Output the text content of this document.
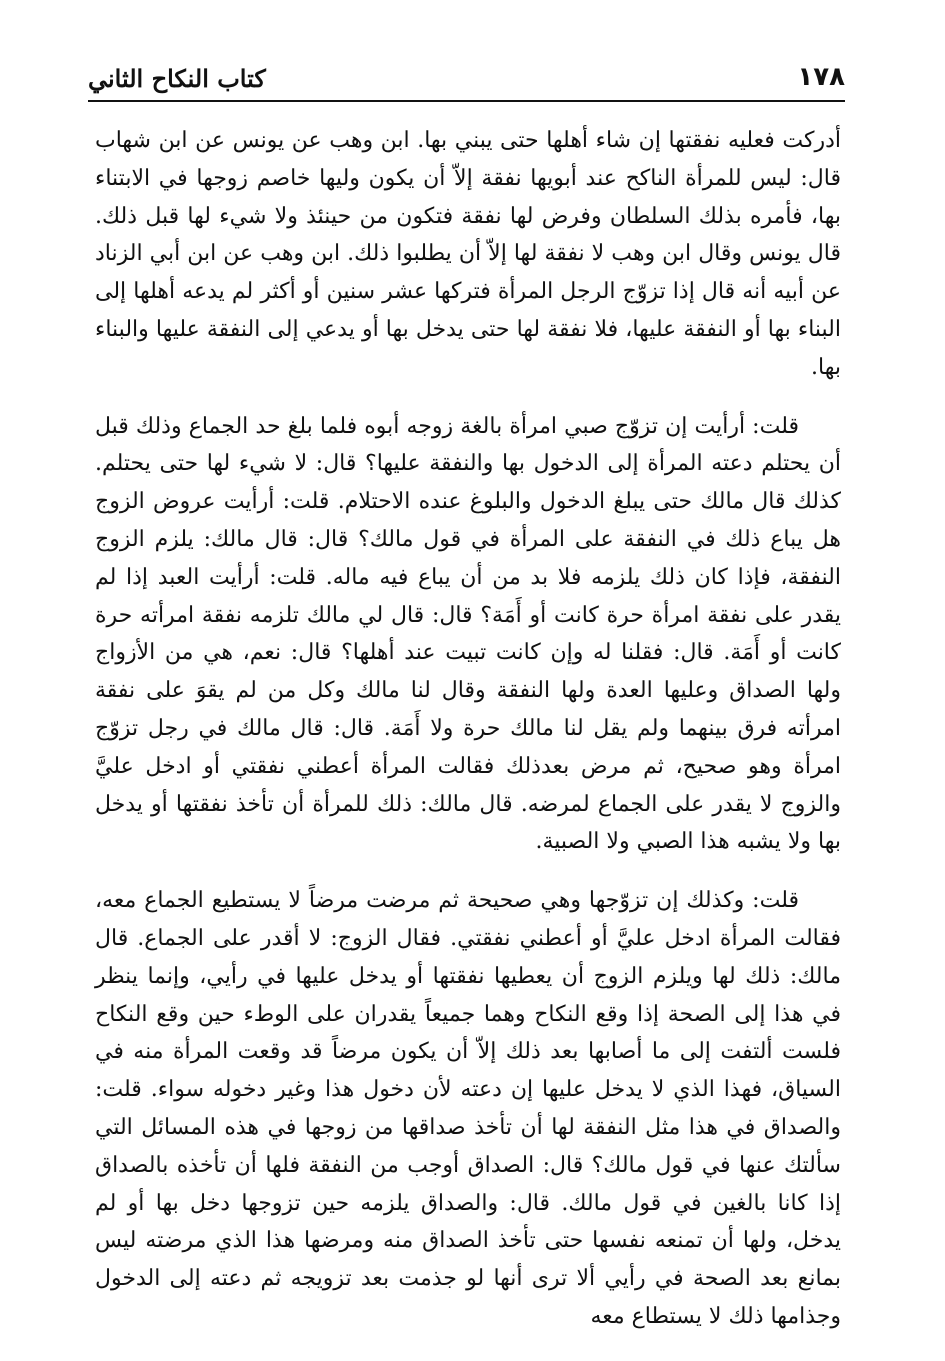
١٧٨
كتاب النكاح الثاني

أدركت فعليه نفقتها إن شاء أهلها حتى يبني بها. ابن وهب عن يونس عن ابن شهاب قال: ليس للمرأة الناكح عند أبويها نفقة إلاّ أن يكون وليها خاصم زوجها في الابتناء بها، فأمره بذلك السلطان وفرض لها نفقة فتكون من حينئذ ولا شيء لها قبل ذلك. قال يونس وقال ابن وهب لا نفقة لها إلاّ أن يطلبوا ذلك. ابن وهب عن ابن أبي الزناد عن أبيه أنه قال إذا تزوّج الرجل المرأة فتركها عشر سنين أو أكثر لم يدعه أهلها إلى البناء بها أو النفقة عليها، فلا نفقة لها حتى يدخل بها أو يدعي إلى النفقة عليها والبناء بها.

قلت: أرأيت إن تزوّج صبي امرأة بالغة زوجه أبوه فلما بلغ حد الجماع وذلك قبل أن يحتلم دعته المرأة إلى الدخول بها والنفقة عليها؟ قال: لا شيء لها حتى يحتلم. كذلك قال مالك حتى يبلغ الدخول والبلوغ عنده الاحتلام. قلت: أرأيت عروض الزوج هل يباع ذلك في النفقة على المرأة في قول مالك؟ قال: قال مالك: يلزم الزوج النفقة، فإذا كان ذلك يلزمه فلا بد من أن يباع فيه ماله. قلت: أرأيت العبد إذا لم يقدر على نفقة امرأة حرة كانت أو أَمَة؟ قال: قال لي مالك تلزمه نفقة امرأته حرة كانت أو أَمَة. قال: فقلنا له وإن كانت تبيت عند أهلها؟ قال: نعم، هي من الأزواج ولها الصداق وعليها العدة ولها النفقة وقال لنا مالك وكل من لم يقوَ على نفقة امرأته فرق بينهما ولم يقل لنا مالك حرة ولا أَمَة. قال: قال مالك في رجل تزوّج امرأة وهو صحيح، ثم مرض بعدذلك فقالت المرأة أعطني نفقتي أو ادخل عليَّ والزوج لا يقدر على الجماع لمرضه. قال مالك: ذلك للمرأة أن تأخذ نفقتها أو يدخل بها ولا يشبه هذا الصبي ولا الصبية.

قلت: وكذلك إن تزوّجها وهي صحيحة ثم مرضت مرضاً لا يستطيع الجماع معه، فقالت المرأة ادخل عليَّ أو أعطني نفقتي. فقال الزوج: لا أقدر على الجماع. قال مالك: ذلك لها ويلزم الزوج أن يعطيها نفقتها أو يدخل عليها في رأيي، وإنما ينظر في هذا إلى الصحة إذا وقع النكاح وهما جميعاً يقدران على الوطء حين وقع النكاح فلست ألتفت إلى ما أصابها بعد ذلك إلاّ أن يكون مرضاً قد وقعت المرأة منه في السياق، فهذا الذي لا يدخل عليها إن دعته لأن دخول هذا وغير دخوله سواء. قلت: والصداق في هذا مثل النفقة لها أن تأخذ صداقها من زوجها في هذه المسائل التي سألتك عنها في قول مالك؟ قال: الصداق أوجب من النفقة فلها أن تأخذه بالصداق إذا كانا بالغين في قول مالك. قال: والصداق يلزمه حين تزوجها دخل بها أو لم يدخل، ولها أن تمنعه نفسها حتى تأخذ الصداق منه ومرضها هذا الذي مرضته ليس بمانع بعد الصحة في رأيي ألا ترى أنها لو جذمت بعد تزويجه ثم دعته إلى الدخول وجذامها ذلك لا يستطاع معه
